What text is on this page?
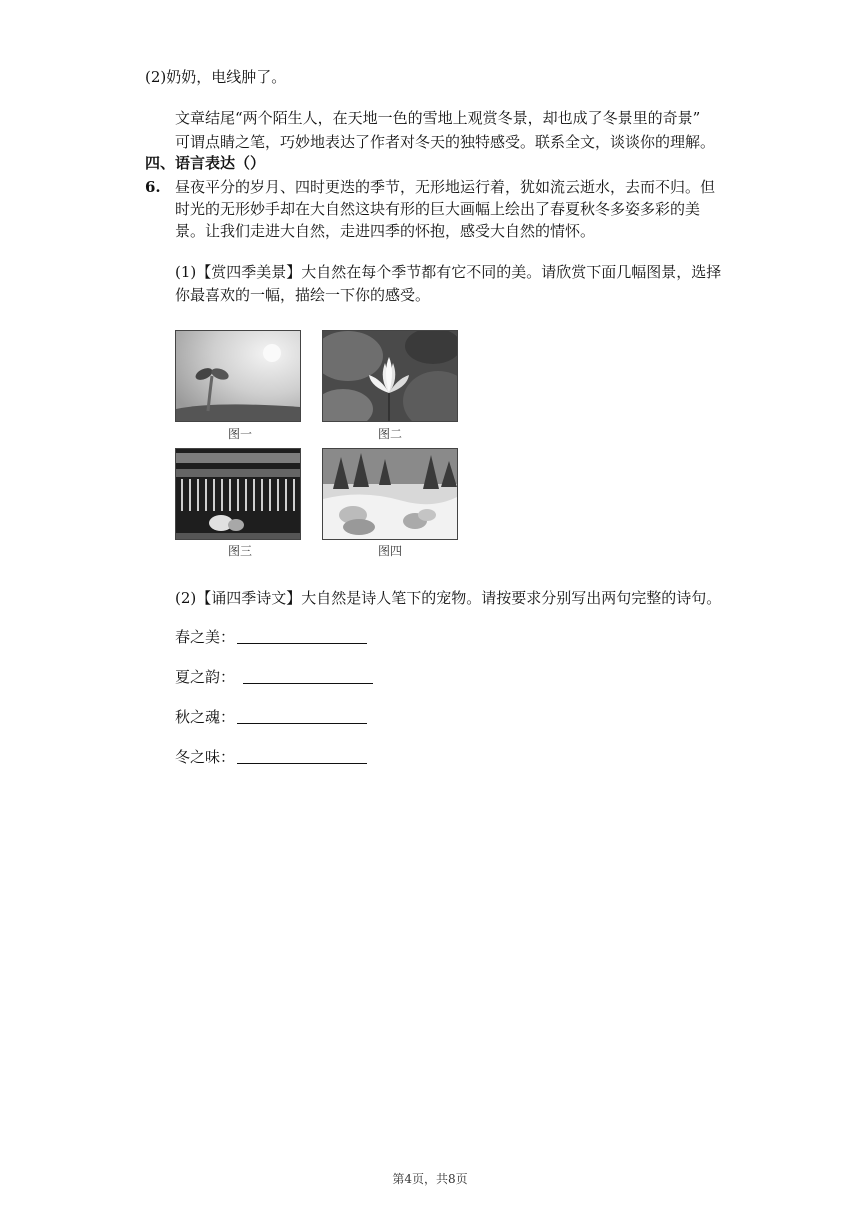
(2)奶奶，电线肿了。
文章结尾“两个陌生人，在天地一色的雪地上观赏冬景，却也成了冬景里的奇景”
可谓点睛之笔，巧妙地表达了作者对冬天的独特感受。联系全文，谈谈你的理解。
四、语言表达（）
6. 昼夜平分的岁月、四时更迭的季节，无形地运行着，犹如流云逝水，去而不归。但
时光的无形妙手却在大自然这块有形的巨大画幅上绘出了春夏秋冬多姿多彩的美
景。让我们走进大自然，走进四季的怀抱，感受大自然的情怀。
(1)【赏四季美景】大自然在每个季节都有它不同的美。请欣赏下面几幅图景，选择
你最喜欢的一幅，描绘一下你的感受。
图一	图二
图三	图四
(2)【诵四季诗文】大自然是诗人笔下的宠物。请按要求分别写出两句完整的诗句。
春之美：
夏之韵：
秋之魂：
冬之味：
第4页，共8页
